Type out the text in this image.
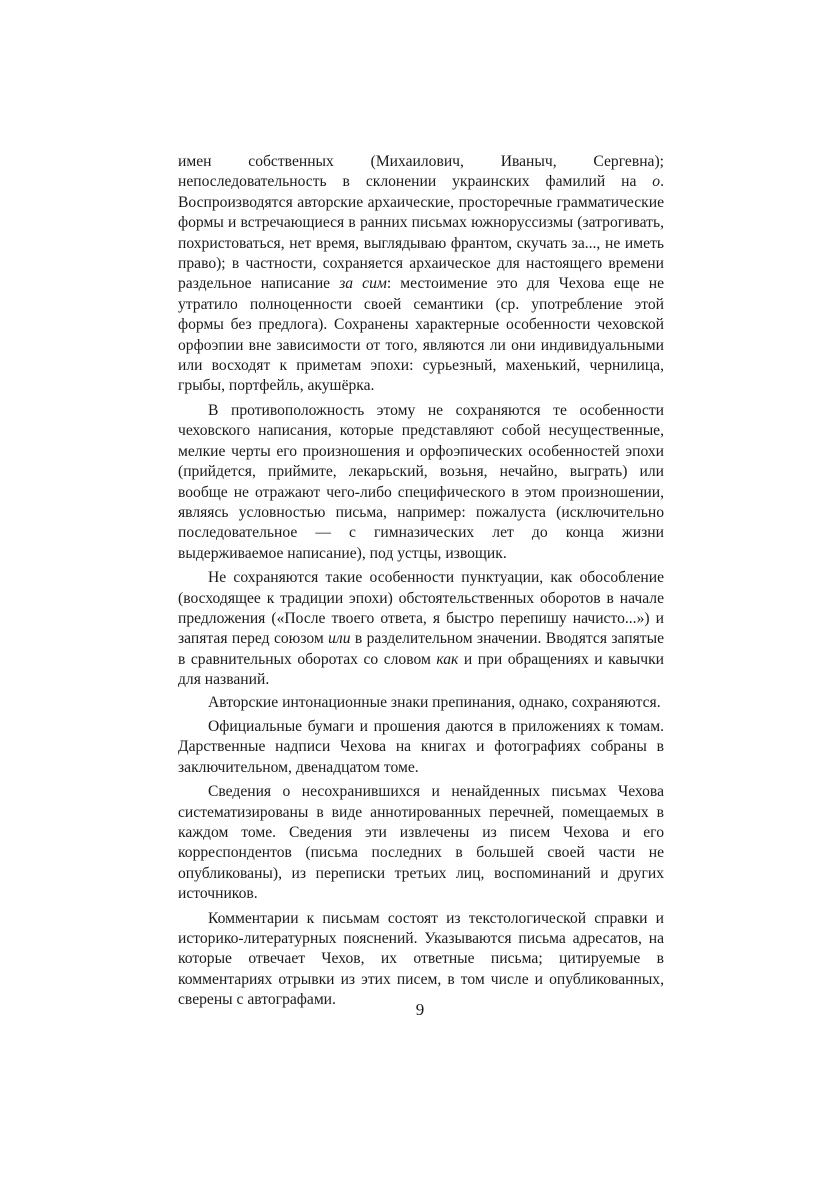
имен собственных (Михаилович, Иваныч, Сергевна); непоследовательность в склонении украинских фамилий на о. Воспроизводятся авторские архаические, просторечные грамматические формы и встречающиеся в ранних письмах южнорусcизмы (затрогивать, похристоваться, нет время, выглядываю франтом, скучать за..., не иметь право); в частности, сохраняется архаическое для настоящего времени раздельное написание за сим: местоимение это для Чехова еще не утратило полноценности своей семантики (ср. употребление этой формы без предлога). Сохранены характерные особенности чеховской орфоэпии вне зависимости от того, являются ли они индивидуальными или восходят к приметам эпохи: сурьезный, махенький, чернилица, грыбы, портфейль, акушёрка.

В противоположность этому не сохраняются те особенности чеховского написания, которые представляют собой несущественные, мелкие черты его произношения и орфоэпических особенностей эпохи (прийдется, приймите, лекарьский, возьня, нечайно, выграть) или вообще не отражают чего-либо специфического в этом произношении, являясь условностью письма, например: пожалуста (исключительно последовательное — с гимназических лет до конца жизни выдерживаемое написание), под устцы, извощик.

Не сохраняются такие особенности пунктуации, как обособление (восходящее к традиции эпохи) обстоятельственных оборотов в начале предложения («После твоего ответа, я быстро перепишу начисто...») и запятая перед союзом или в разделительном значении. Вводятся запятые в сравнительных оборотах со словом как и при обращениях и кавычки для названий.

Авторские интонационные знаки препинания, однако, сохраняются.

Официальные бумаги и прошения даются в приложениях к томам. Дарственные надписи Чехова на книгах и фотографиях собраны в заключительном, двенадцатом томе.

Сведения о несохранившихся и ненайденных письмах Чехова систематизированы в виде аннотированных перечней, помещаемых в каждом томе. Сведения эти извлечены из писем Чехова и его корреспондентов (письма последних в большей своей части не опубликованы), из переписки третьих лиц, воспоминаний и других источников.

Комментарии к письмам состоят из текстологической справки и историко-литературных пояснений. Указываются письма адресатов, на которые отвечает Чехов, их ответные письма; цитируемые в комментариях отрывки из этих писем, в том числе и опубликованных, сверены с автографами.

9
